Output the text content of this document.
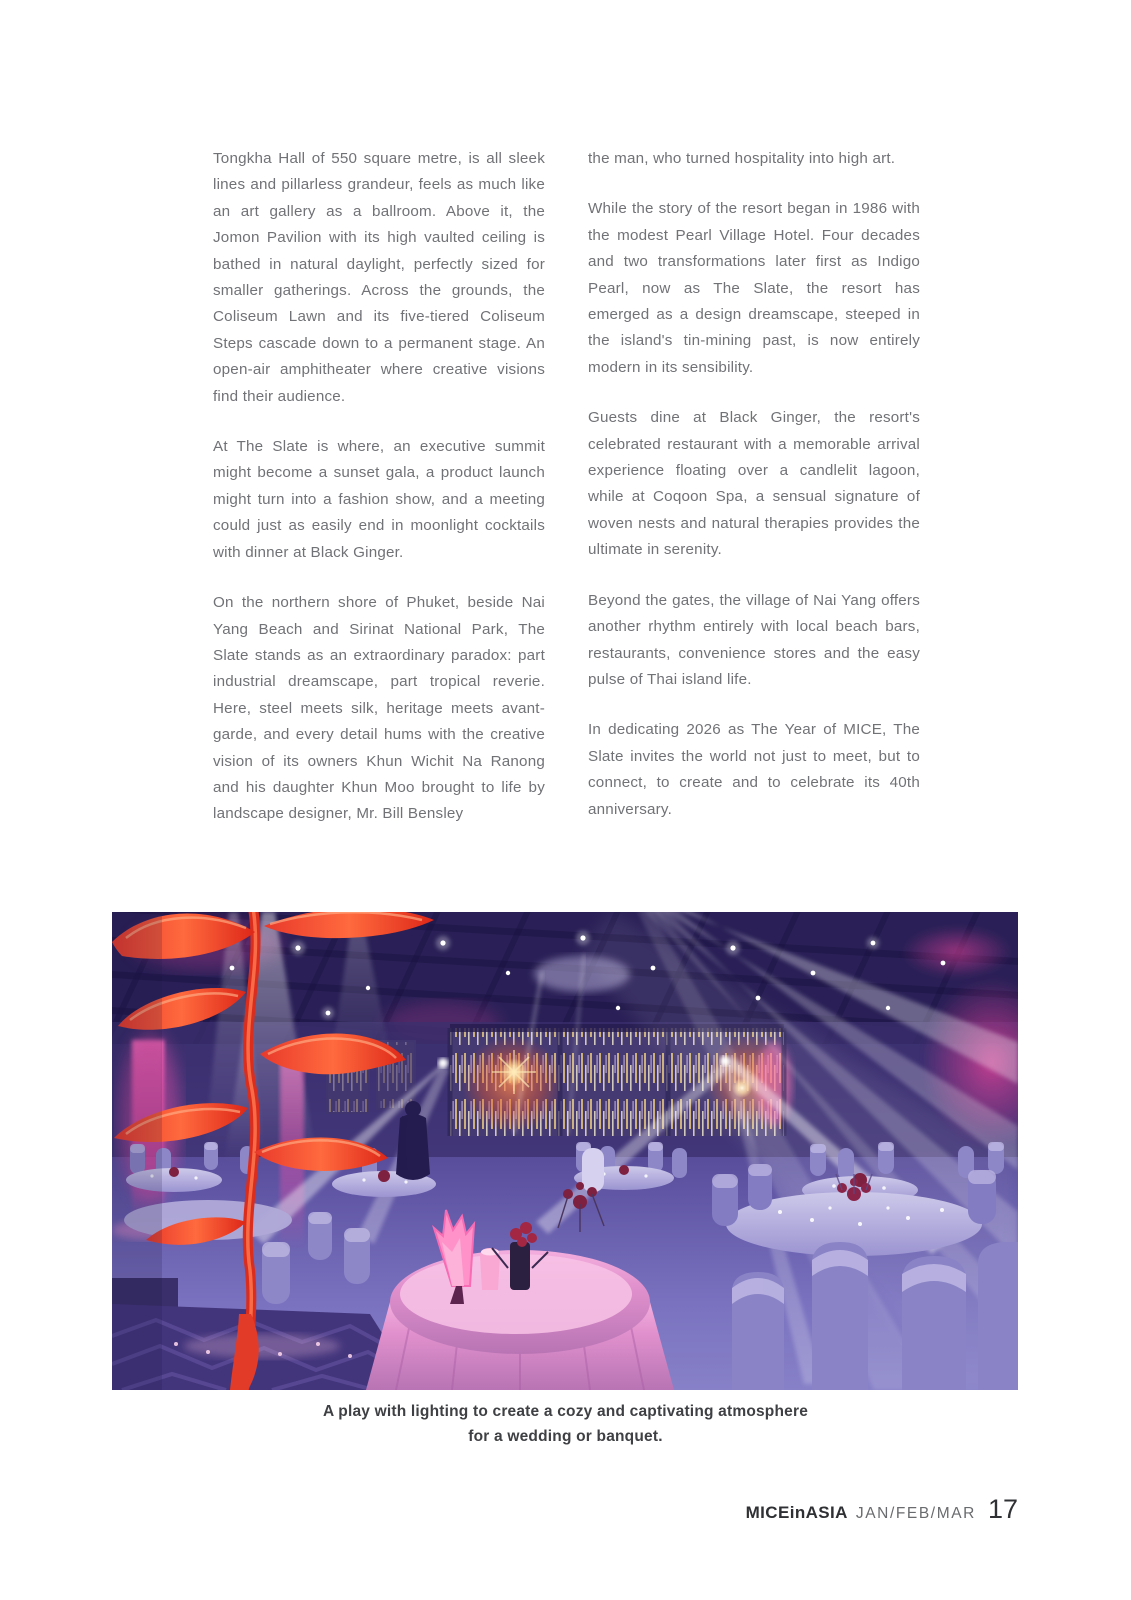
Tongkha Hall of 550 square metre, is all sleek lines and pillarless grandeur, feels as much like an art gallery as a ballroom. Above it, the Jomon Pavilion with its high vaulted ceiling is bathed in natural daylight, perfectly sized for smaller gatherings. Across the grounds, the Coliseum Lawn and its five-tiered Coliseum Steps cascade down to a permanent stage. An open-air amphitheater where creative visions find their audience.

At The Slate is where, an executive summit might become a sunset gala, a product launch might turn into a fashion show, and a meeting could just as easily end in moonlight cocktails with dinner at Black Ginger.

On the northern shore of Phuket, beside Nai Yang Beach and Sirinat National Park, The Slate stands as an extraordinary paradox: part industrial dreamscape, part tropical reverie. Here, steel meets silk, heritage meets avant-garde, and every detail hums with the creative vision of its owners Khun Wichit Na Ranong and his daughter Khun Moo brought to life by landscape designer, Mr. Bill Bensley

the man, who turned hospitality into high art.

While the story of the resort began in 1986 with the modest Pearl Village Hotel. Four decades and two transformations later first as Indigo Pearl, now as The Slate, the resort has emerged as a design dreamscape, steeped in the island's tin-mining past, is now entirely modern in its sensibility.

Guests dine at Black Ginger, the resort's celebrated restaurant with a memorable arrival experience floating over a candlelit lagoon, while at Coqoon Spa, a sensual signature of woven nests and natural therapies provides the ultimate in serenity.

Beyond the gates, the village of Nai Yang offers another rhythm entirely with local beach bars, restaurants, convenience stores and the easy pulse of Thai island life.

In dedicating 2026 as The Year of MICE, The Slate invites the world not just to meet, but to connect, to create and to celebrate its 40th anniversary.

A play with lighting to create a cozy and captivating atmosphere
for a wedding or banquet.
MICEinASIA JAN/FEB/MAR 17
